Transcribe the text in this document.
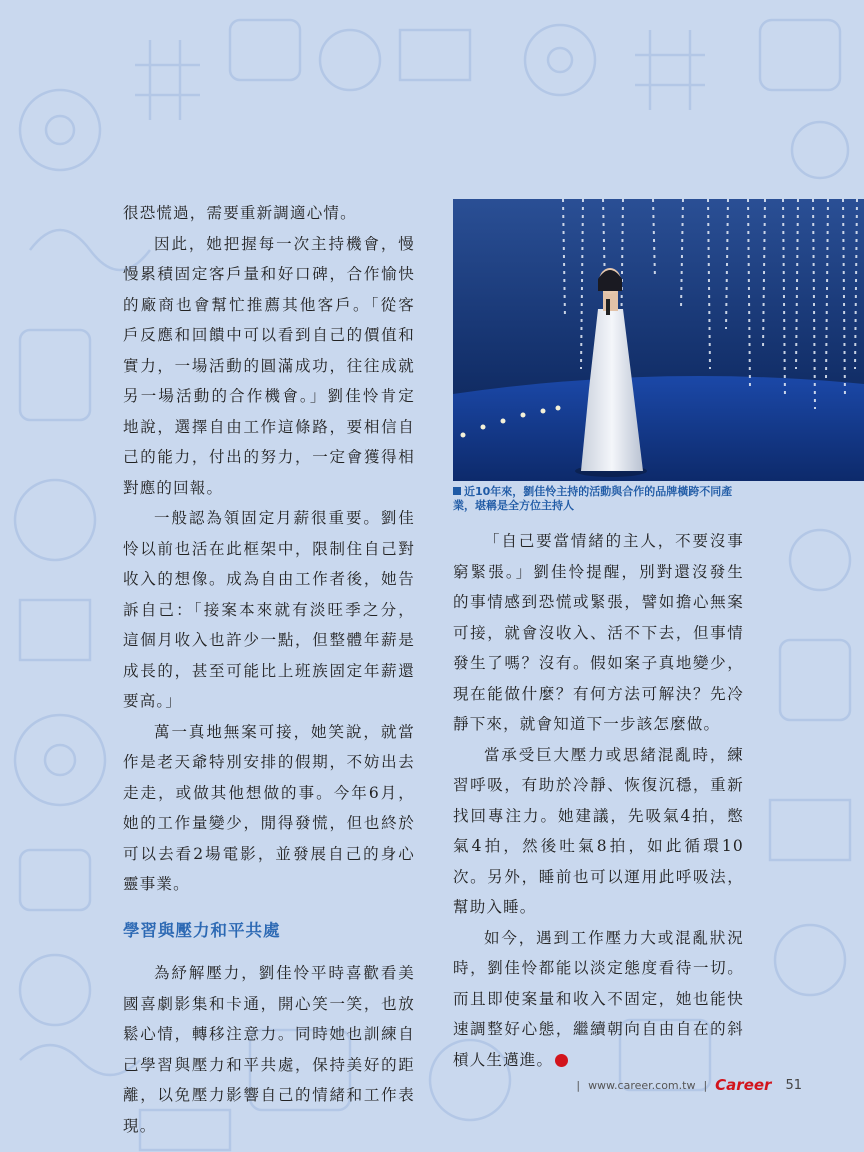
很恐慌過，需要重新調適心情。

因此，她把握每一次主持機會，慢慢累積固定客戶量和好口碑，合作愉快的廠商也會幫忙推薦其他客戶。「從客戶反應和回饋中可以看到自己的價值和實力，一場活動的圓滿成功，往往成就另一場活動的合作機會。」劉佳怜肯定地說，選擇自由工作這條路，要相信自己的能力，付出的努力，一定會獲得相對應的回報。

一般認為領固定月薪很重要。劉佳怜以前也活在此框架中，限制住自己對收入的想像。成為自由工作者後，她告訴自己：「接案本來就有淡旺季之分，這個月收入也許少一點，但整體年薪是成長的，甚至可能比上班族固定年薪還要高。」

萬一真地無案可接，她笑說，就當作是老天爺特別安排的假期，不妨出去走走，或做其他想做的事。今年6月，她的工作量變少，閒得發慌，但也終於可以去看2場電影，並發展自己的身心靈事業。

學習與壓力和平共處

為紓解壓力，劉佳怜平時喜歡看美國喜劇影集和卡通，開心笑一笑，也放鬆心情，轉移注意力。同時她也訓練自己學習與壓力和平共處，保持美好的距離，以免壓力影響自己的情緒和工作表現。

近10年來，劉佳怜主持的活動與合作的品牌橫跨不同產業，堪稱是全方位主持人

「自己要當情緒的主人，不要沒事窮緊張。」劉佳怜提醒，別對還沒發生的事情感到恐慌或緊張，譬如擔心無案可接，就會沒收入、活不下去，但事情發生了嗎？沒有。假如案子真地變少，現在能做什麼？有何方法可解決？先冷靜下來，就會知道下一步該怎麼做。

當承受巨大壓力或思緒混亂時，練習呼吸，有助於冷靜、恢復沉穩，重新找回專注力。她建議，先吸氣4拍，憋氣4拍，然後吐氣8拍，如此循環10次。另外，睡前也可以運用此呼吸法，幫助入睡。

如今，遇到工作壓力大或混亂狀況時，劉佳怜都能以淡定態度看待一切。而且即使案量和收入不固定，她也能快速調整好心態，繼續朝向自由自在的斜槓人生邁進。

| www.career.com.tw | Career 51
